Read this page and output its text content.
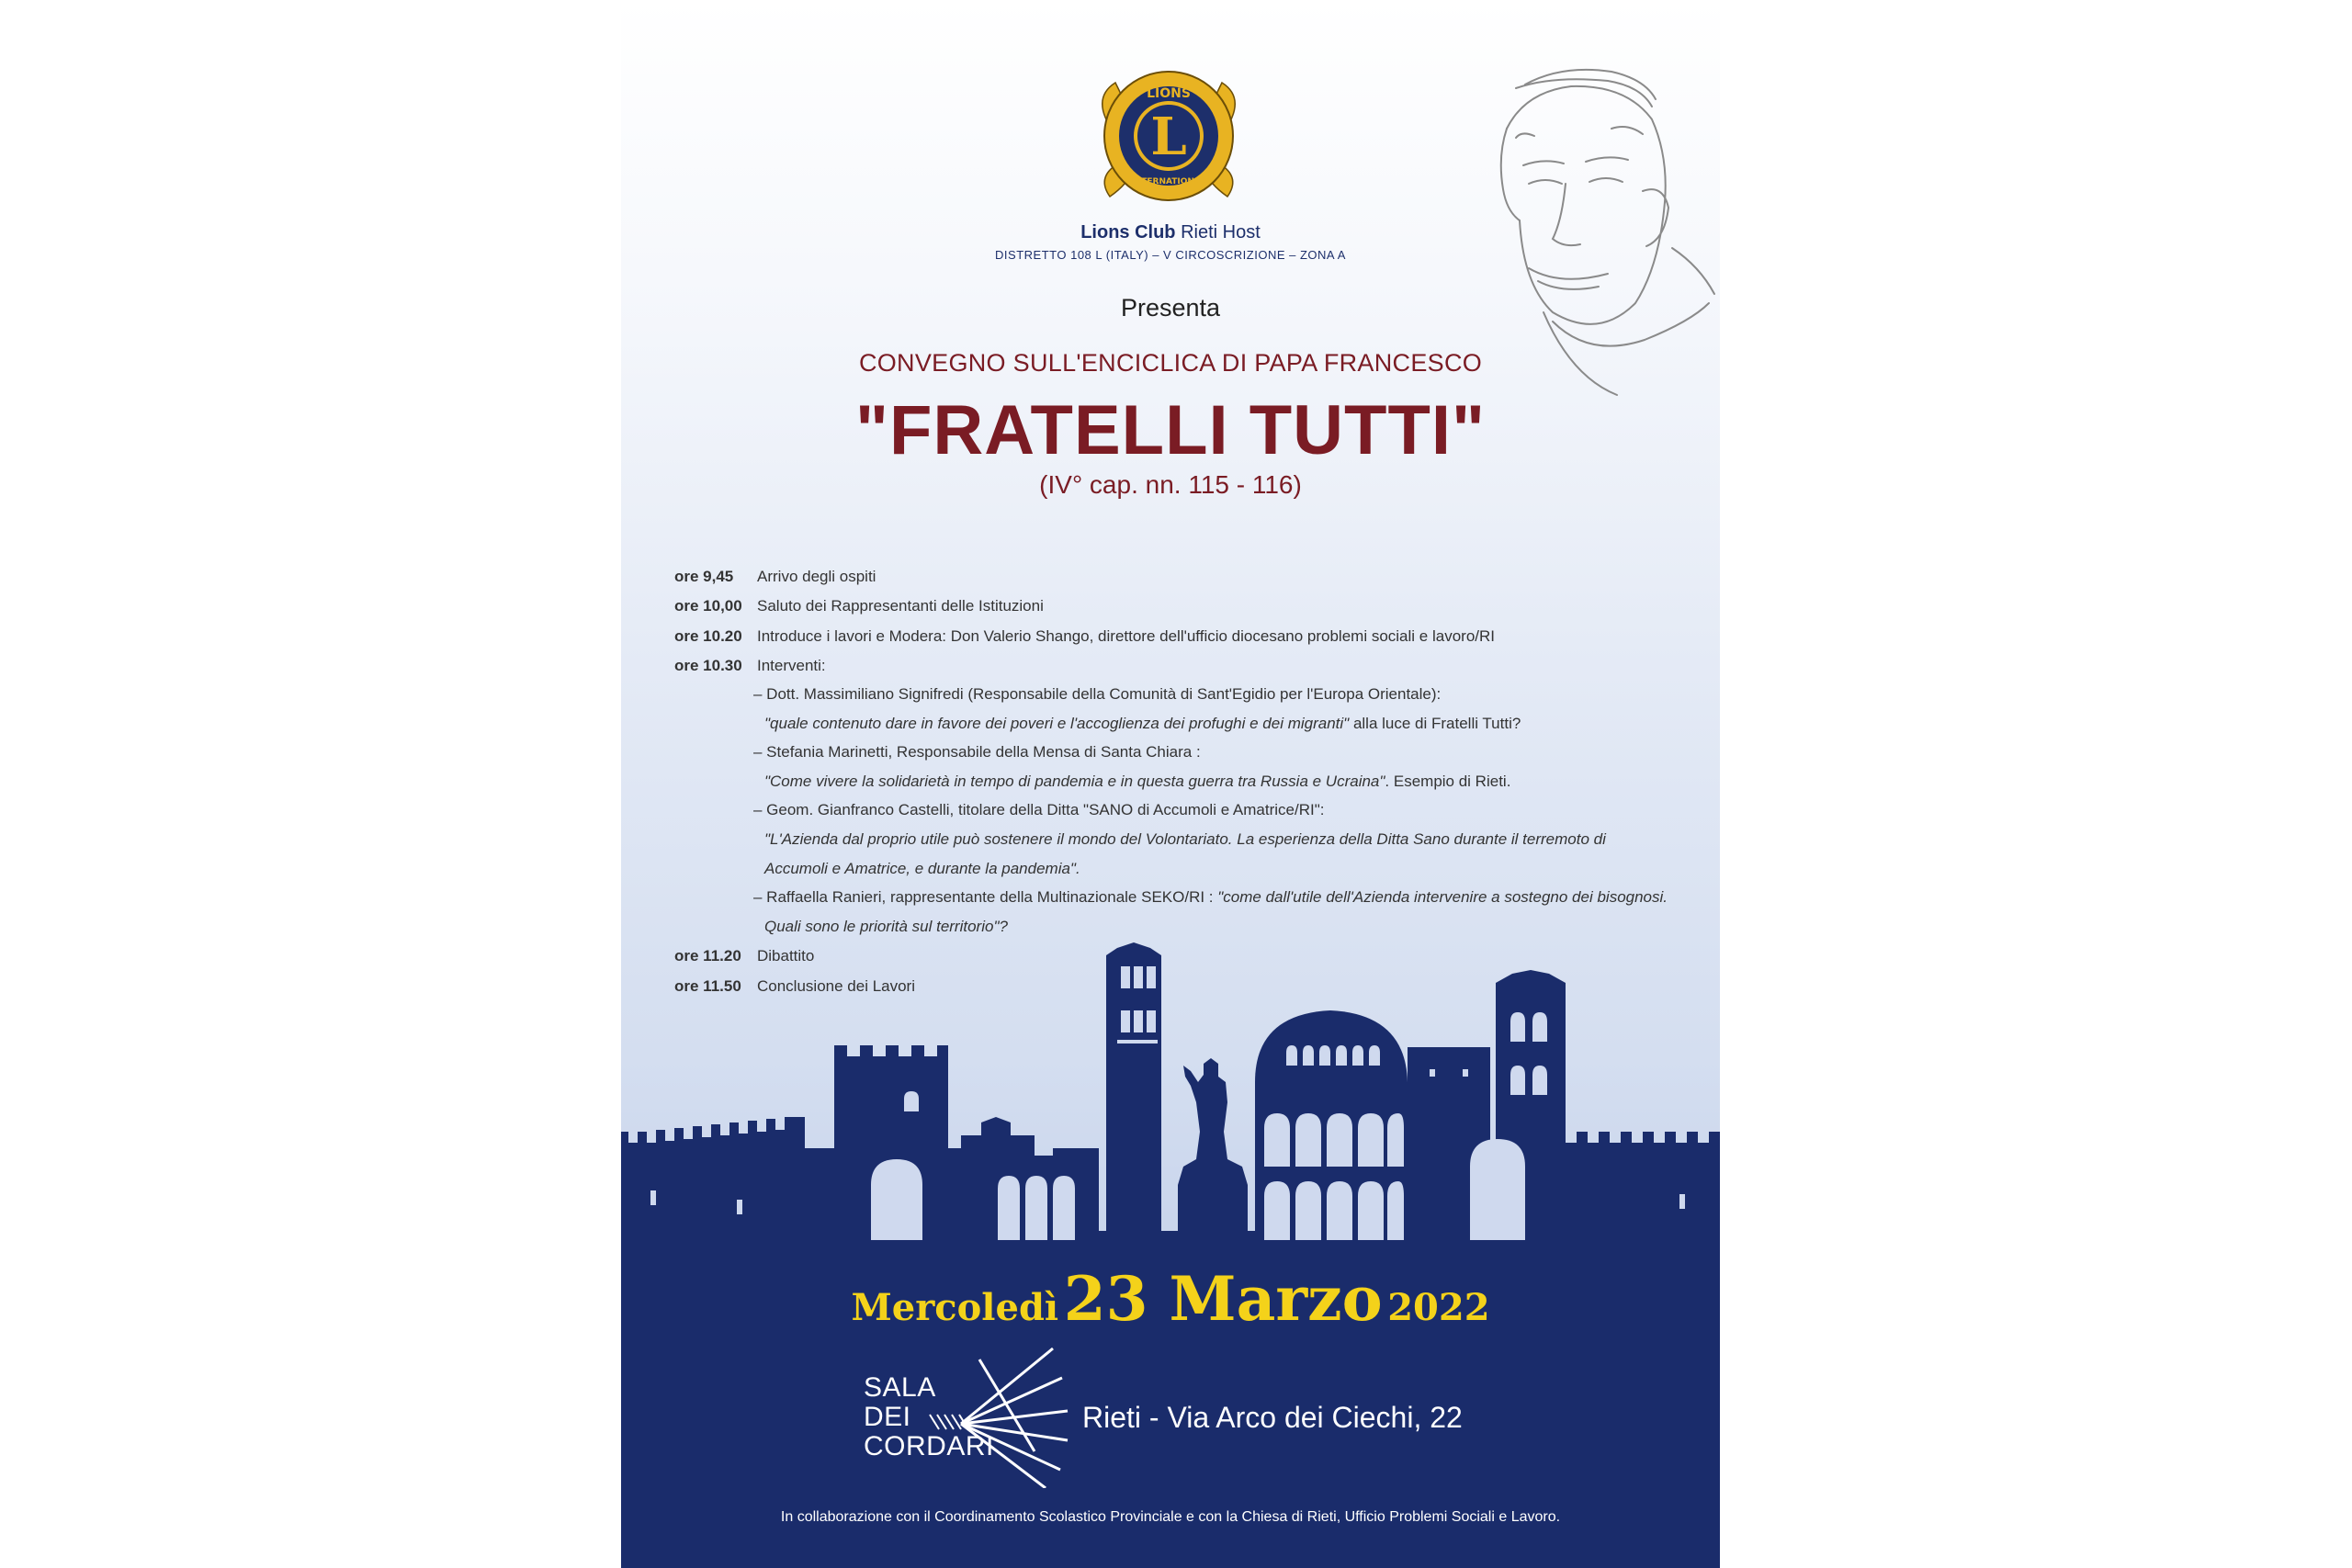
L
LIONS
INTERNATIONAL
Lions Club Rieti Host
DISTRETTO 108 L (ITALY) – V CIRCOSCRIZIONE – ZONA A
Presenta
CONVEGNO SULL'ENCICLICA DI PAPA FRANCESCO
"FRATELLI TUTTI"
(IV° cap. nn. 115 - 116)
ore 9,45 Arrivo degli ospiti
ore 10,00 Saluto dei Rappresentanti delle Istituzioni
ore 10.20 Introduce i lavori e Modera: Don Valerio Shango, direttore dell'ufficio diocesano problemi sociali e lavoro/RI
ore 10.30 Interventi:
– Dott. Massimiliano Signifredi (Responsabile della Comunità di Sant'Egidio per l'Europa Orientale):
"quale contenuto dare in favore dei poveri e l'accoglienza dei profughi e dei migranti" alla luce di Fratelli Tutti?
– Stefania Marinetti, Responsabile della Mensa di Santa Chiara :
"Come vivere la solidarietà in tempo di pandemia e in questa guerra tra Russia e Ucraina". Esempio di Rieti.
– Geom. Gianfranco Castelli, titolare della Ditta "SANO di Accumoli e Amatrice/RI":
"L'Azienda dal proprio utile può sostenere il mondo del Volontariato. La esperienza della Ditta Sano durante il terremoto di
Accumoli e Amatrice, e durante la pandemia".
– Raffaella Ranieri, rappresentante della Multinazionale SEKO/RI : "come dall'utile dell'Azienda intervenire a sostegno dei bisognosi.
Quali sono le priorità sul territorio"?
ore 11.20 Dibattito
ore 11.50 Conclusione dei Lavori
Mercoledì 23 Marzo 2022
SALA
DEI
CORDARI
Rieti - Via Arco dei Ciechi, 22
In collaborazione con il Coordinamento Scolastico Provinciale e con la Chiesa di Rieti, Ufficio Problemi Sociali e Lavoro.
